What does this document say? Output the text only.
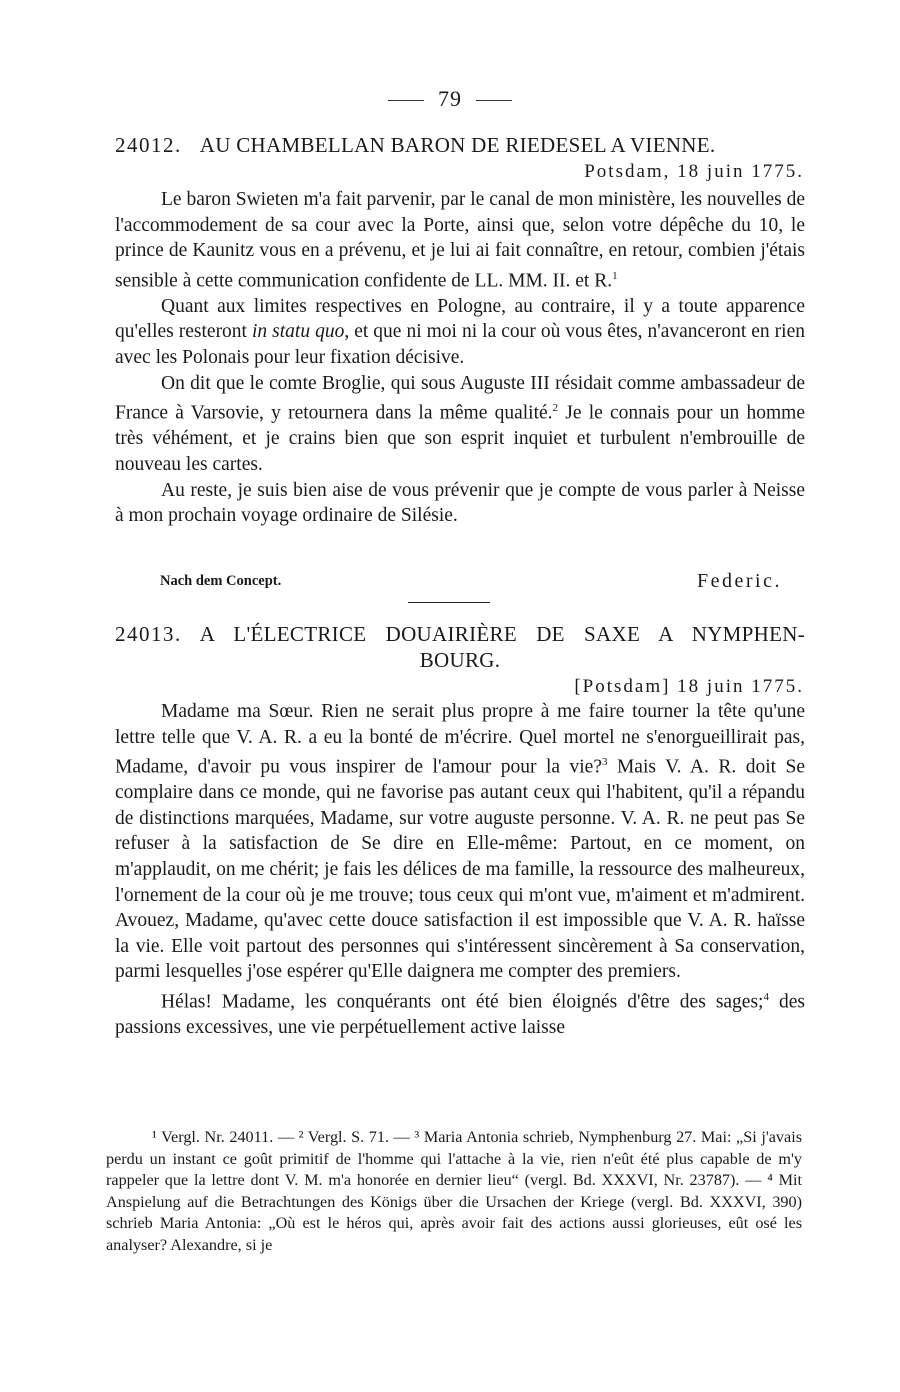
79
24012. AU CHAMBELLAN BARON DE RIEDESEL A VIENNE.
Potsdam, 18 juin 1775.

Le baron Swieten m'a fait parvenir, par le canal de mon ministère, les nouvelles de l'accommodement de sa cour avec la Porte, ainsi que, selon votre dépêche du 10, le prince de Kaunitz vous en a prévenu, et je lui ai fait connaître, en retour, combien j'étais sensible à cette communication confidente de LL. MM. II. et R.$^1$

Quant aux limites respectives en Pologne, au contraire, il y a toute apparence qu'elles resteront in statu quo, et que ni moi ni la cour où vous êtes, n'avanceront en rien avec les Polonais pour leur fixation décisive.

On dit que le comte Broglie, qui sous Auguste III résidait comme ambassadeur de France à Varsovie, y retournera dans la même qualité.$^2$ Je le connais pour un homme très véhément, et je crains bien que son esprit inquiet et turbulent n'embrouille de nouveau les cartes.

Au reste, je suis bien aise de vous prévenir que je compte de vous parler à Neisse à mon prochain voyage ordinaire de Silésie.

Nach dem Concept.	Federic.
24013. A L'ÉLECTRICE DOUAIRIÈRE DE SAXE A NYMPHEN-
BOURG.
[Potsdam] 18 juin 1775.

Madame ma Sœur. Rien ne serait plus propre à me faire tourner la tête qu'une lettre telle que V. A. R. a eu la bonté de m'écrire. Quel mortel ne s'enorgueillirait pas, Madame, d'avoir pu vous inspirer de l'amour pour la vie?$^3$ Mais V. A. R. doit Se complaire dans ce monde, qui ne favorise pas autant ceux qui l'habitent, qu'il a répandu de distinctions marquées, Madame, sur votre auguste personne. V. A. R. ne peut pas Se refuser à la satisfaction de Se dire en Elle-même: Partout, en ce moment, on m'applaudit, on me chérit; je fais les délices de ma famille, la ressource des malheureux, l'ornement de la cour où je me trouve; tous ceux qui m'ont vue, m'aiment et m'admirent. Avouez, Madame, qu'avec cette douce satisfaction il est impossible que V. A. R. haïsse la vie. Elle voit partout des personnes qui s'intéressent sincèrement à Sa conservation, parmi lesquelles j'ose espérer qu'Elle daignera me compter des premiers.

Hélas! Madame, les conquérants ont été bien éloignés d'être des sages;$^4$ des passions excessives, une vie perpétuellement active laisse

¹ Vergl. Nr. 24011. — ² Vergl. S. 71. — ³ Maria Antonia schrieb, Nymphenburg 27. Mai: „Si j'avais perdu un instant ce goût primitif de l'homme qui l'attache à la vie, rien n'eût été plus capable de m'y rappeler que la lettre dont V. M. m'a honorée en dernier lieu“ (vergl. Bd. XXXVI, Nr. 23787). — ⁴ Mit Anspielung auf die Betrachtungen des Königs über die Ursachen der Kriege (vergl. Bd. XXXVI, 390) schrieb Maria Antonia: „Où est le héros qui, après avoir fait des actions aussi glorieuses, eût osé les analyser? Alexandre, si je
